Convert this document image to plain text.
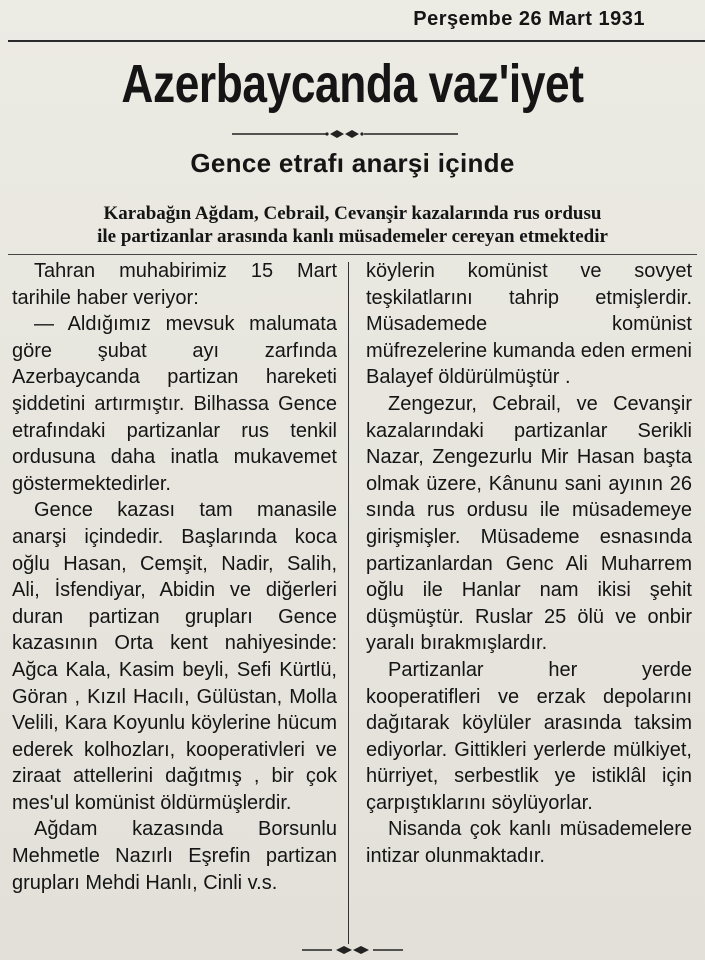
Perşembe 26 Mart 1931
Azerbaycanda vaz'iyet
Gence etrafı anarşi içinde
Karabağın Ağdam, Cebrail, Cevanşir kazalarında rus ordusu
ile partizanlar arasında kanlı müsademeler cereyan etmektedir

Tahran muhabirimiz 15 Mart tarihile haber veriyor:

— Aldığımız mevsuk malumata göre şubat ayı zarfında Azerbaycanda partizan hareketi şiddetini artırmıştır. Bilhassa Gence etrafındaki partizanlar rus tenkil ordusuna daha inatla mukavemet göstermektedirler.

Gence kazası tam manasile anarşi içindedir. Başlarında koca oğlu Hasan, Cemşit, Nadir, Salih, Ali, İsfendiyar, Abidin ve diğerleri duran partizan grupları Gence kazasının Orta kent nahiyesinde: Ağca Kala, Kasim beyli, Sefi Kürtlü, Göran , Kızıl Hacılı, Gülüstan, Molla Velili, Kara Koyunlu köylerine hücum ederek kolhozları, kooperativleri ve ziraat attellerini dağıtmış , bir çok mes'ul komünist öldürmüşlerdir.

Ağdam kazasında Borsunlu Mehmetle Nazırlı Eşrefin partizan grupları Mehdi Hanlı, Cinli v.s.

köylerin komünist ve sovyet teşkilatlarını tahrip etmişlerdir. Müsademede komünist müfrezelerine kumanda eden ermeni Balayef öldürülmüştür .

Zengezur, Cebrail, ve Cevanşir kazalarındaki partizanlar Serikli Nazar, Zengezurlu Mir Hasan başta olmak üzere, Kânunu sani ayının 26 sında rus ordusu ile müsademeye girişmişler. Müsademe esnasında partizanlardan Genc Ali Muharrem oğlu ile Hanlar nam ikisi şehit düşmüştür. Ruslar 25 ölü ve onbir yaralı bırakmışlardır.

Partizanlar her yerde kooperatifleri ve erzak depolarını dağıtarak köylüler arasında taksim ediyorlar. Gittikleri yerlerde mülkiyet, hürriyet, serbestlik ye istiklâl için çarpıştıklarını söylüyorlar.

Nisanda çok kanlı müsademelere intizar olunmaktadır.
